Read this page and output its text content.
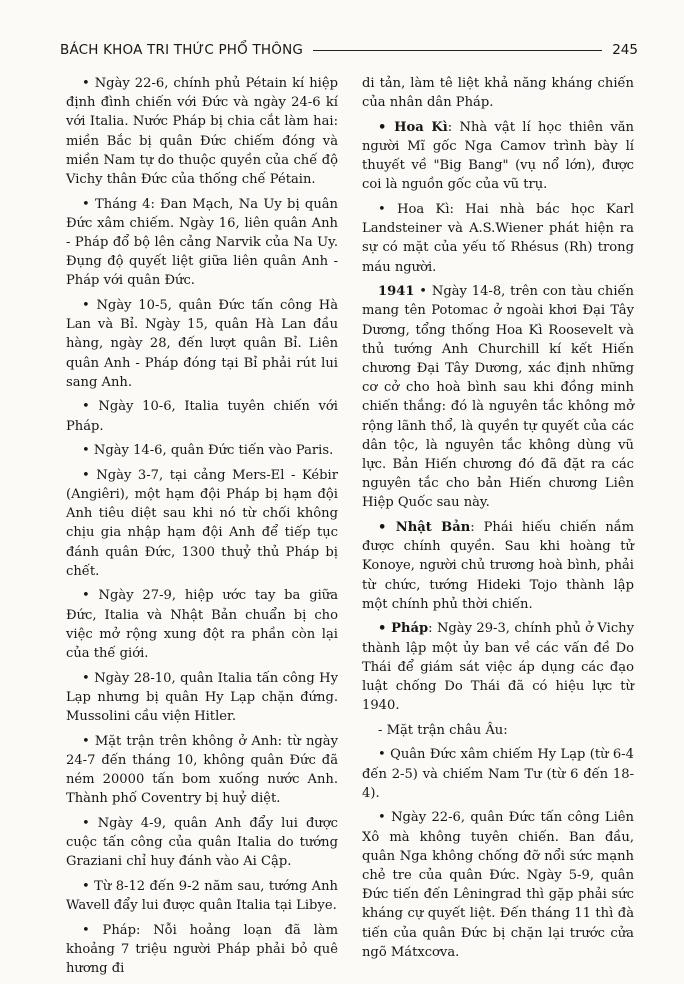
BÁCH KHOA TRI THỨC PHỔ THÔNG	245

• Ngày 22-6, chính phủ Pétain kí hiệp định đình chiến với Đức và ngày 24-6 kí với Italia. Nước Pháp bị chia cắt làm hai: miền Bắc bị quân Đức chiếm đóng và miền Nam tự do thuộc quyền của chế độ Vichy thân Đức của thống chế Pétain.

• Tháng 4: Đan Mạch, Na Uy bị quân Đức xâm chiếm. Ngày 16, liên quân Anh - Pháp đổ bộ lên cảng Narvik của Na Uy. Đụng độ quyết liệt giữa liên quân Anh - Pháp với quân Đức.

• Ngày 10-5, quân Đức tấn công Hà Lan và Bỉ. Ngày 15, quân Hà Lan đầu hàng, ngày 28, đến lượt quân Bỉ. Liên quân Anh - Pháp đóng tại Bỉ phải rút lui sang Anh.

• Ngày 10-6, Italia tuyên chiến với Pháp.

• Ngày 14-6, quân Đức tiến vào Paris.

• Ngày 3-7, tại cảng Mers-El - Kébir (Angiêri), một hạm đội Pháp bị hạm đội Anh tiêu diệt sau khi nó từ chối không chịu gia nhập hạm đội Anh để tiếp tục đánh quân Đức, 1300 thuỷ thủ Pháp bị chết.

• Ngày 27-9, hiệp ước tay ba giữa Đức, Italia và Nhật Bản chuẩn bị cho việc mở rộng xung đột ra phần còn lại của thế giới.

• Ngày 28-10, quân Italia tấn công Hy Lạp nhưng bị quân Hy Lạp chặn đứng. Mussolini cầu viện Hitler.

• Mặt trận trên không ở Anh: từ ngày 24-7 đến tháng 10, không quân Đức đã ném 20000 tấn bom xuống nước Anh. Thành phố Coventry bị huỷ diệt.

• Ngày 4-9, quân Anh đẩy lui được cuộc tấn công của quân Italia do tướng Graziani chỉ huy đánh vào Ai Cập.

• Từ 8-12 đến 9-2 năm sau, tướng Anh Wavell đẩy lui được quân Italia tại Libye.

• Pháp: Nỗi hoảng loạn đã làm khoảng 7 triệu người Pháp phải bỏ quê hương đi

di tản, làm tê liệt khả năng kháng chiến của nhân dân Pháp.

• Hoa Kì: Nhà vật lí học thiên văn người Mĩ gốc Nga Camov trình bày lí thuyết về "Big Bang" (vụ nổ lớn), được coi là nguồn gốc của vũ trụ.

• Hoa Kì: Hai nhà bác học Karl Landsteiner và A.S.Wiener phát hiện ra sự có mặt của yếu tố Rhésus (Rh) trong máu người.

1941 • Ngày 14-8, trên con tàu chiến mang tên Potomac ở ngoài khơi Đại Tây Dương, tổng thống Hoa Kì Roosevelt và thủ tướng Anh Churchill kí kết Hiến chương Đại Tây Dương, xác định những cơ cở cho hoà bình sau khi đồng minh chiến thắng: đó là nguyên tắc không mở rộng lãnh thổ, là quyền tự quyết của các dân tộc, là nguyên tắc không dùng vũ lực. Bản Hiến chương đó đã đặt ra các nguyên tắc cho bản Hiến chương Liên Hiệp Quốc sau này.

• Nhật Bản: Phái hiếu chiến nắm được chính quyền. Sau khi hoàng tử Konoye, người chủ trương hoà bình, phải từ chức, tướng Hideki Tojo thành lập một chính phủ thời chiến.

• Pháp: Ngày 29-3, chính phủ ở Vichy thành lập một ủy ban về các vấn đề Do Thái để giám sát việc áp dụng các đạo luật chống Do Thái đã có hiệu lực từ 1940.

- Mặt trận châu Âu:

• Quân Đức xâm chiếm Hy Lạp (từ 6-4 đến 2-5) và chiếm Nam Tư (từ 6 đến 18-4).

• Ngày 22-6, quân Đức tấn công Liên Xô mà không tuyên chiến. Ban đầu, quân Nga không chống đỡ nổi sức mạnh chẻ tre của quân Đức. Ngày 5-9, quân Đức tiến đến Lêningrad thì gặp phải sức kháng cự quyết liệt. Đến tháng 11 thì đà tiến của quân Đức bị chặn lại trước cửa ngõ Mátxcơva.
